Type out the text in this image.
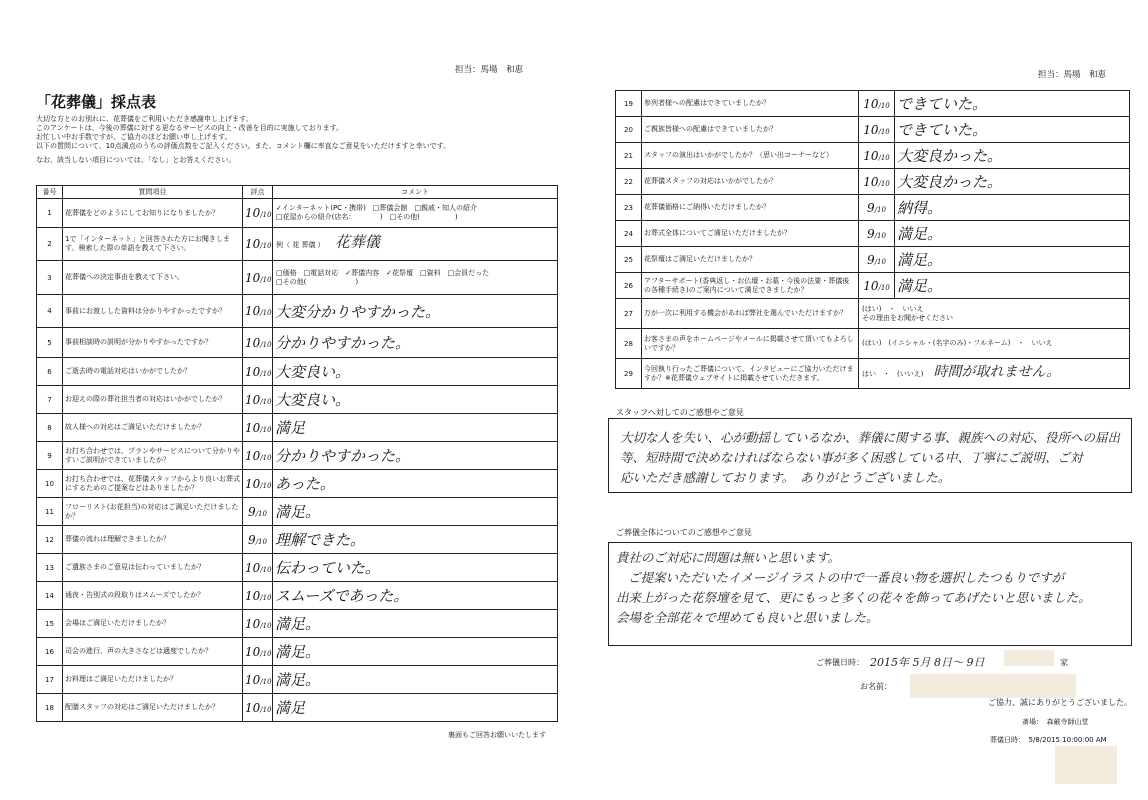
担当：馬場　和恵
「花葬儀」採点表
大切な方とのお別れに、花葬儀をご利用いただき感謝申し上げます。
このアンケートは、今後の葬儀に対する更なるサービスの向上・改善を目的に実施しております。
お忙しい中お手数ですが、ご協力のほどお願い申し上げます。
以下の質問について、10点満点のうちの評価点数をご記入ください。また、コメント欄に率直なご意見をいただけますと幸いです。
なお、該当しない項目については、「なし」とお答えください。
番号	質問項目	評点	コメント
1	花葬儀をどのようにしてお知りになりましたか？	10/10	✓インターネット(PC・携帯)　□葬儀会館　□親戚・知人の紹介
□花屋からの紹介(店名：　　　　)　□その他(　　　　　)

2	1で「インターネット」と回答された方にお聞きします。検索した際の単語を教えて下さい。	10/10	例（ 花 葬儀 ） 花葬儀
3	花葬儀への決定事由を教えて下さい。	10/10	□価格　□電話対応　✓葬儀内容　✓花祭壇　□資料　□会員だった
□その他(　　　　　　　)

4	事前にお渡しした資料は分かりやすかったですか？	10/10	大変分かりやすかった。
5	事前相談時の説明が分かりやすかったですか？	10/10	分かりやすかった。
6	ご逝去時の電話対応はいかがでしたか？	10/10	大変良い。
7	お迎えの際の葬社担当者の対応はいかがでしたか？	10/10	大変良い。
8	故人様への対応はご満足いただけましたか？	10/10	満足
9	お打ち合わせでは、プランやサービスについて分かりやすいご説明ができていましたか？	10/10	分かりやすかった。
10	お打ち合わせでは、花葬儀スタッフからより良いお葬式にするためのご提案などはありましたか？	10/10	あった。
11	フローリスト(お花担当)の対応はご満足いただけましたか？	9/10	満足。
12	葬儀の流れは理解できましたか？	9/10	理解できた。
13	ご遺族さまのご意見は伝わっていましたか？	10/10	伝わっていた。
14	通夜・告別式の段取りはスムーズでしたか？	10/10	スムーズであった。
15	会場はご満足いただけましたか？	10/10	満足。
16	司会の進行、声の大きさなどは適度でしたか？	10/10	満足。
17	お料理はご満足いただけましたか？	10/10	満足。
18	配膳スタッフの対応はご満足いただけましたか？	10/10	満足
裏面もご回答お願いいたします
担当：馬場　和恵
19	参列者様への配慮はできていましたか？	10/10	できていた。
20	ご親族皆様への配慮はできていましたか？	10/10	できていた。
21	スタッフの演出はいかがでしたか？（思い出コーナーなど）	10/10	大変良かった。
22	花葬儀スタッフの対応はいかがでしたか？	10/10	大変良かった。
23	花葬儀価格にご納得いただけましたか？	9/10	納得。
24	お葬式全体についてご満足いただけましたか？	9/10	満足。
25	花祭壇はご満足いただけましたか？	9/10	満足。
26	アフターサポート(香典返し・お仏壇・お墓・今後の法要・葬儀後の各種手続き)のご案内について満足できましたか？	10/10	満足。
27	万が一次に利用する機会があれば弊社を選んでいただけますか？	(はい)　・　いいえ
その理由をお聞かせください	

28	お客さまの声をホームページやメールに掲載させて頂いてもよろしいですか？	(はい)　(イニシャル・(名字のみ)・フルネーム)　・　いいえ	

29	今回執り行ったご葬儀について、インタビューにご協力いただけますか？※花葬儀ウェブサイトに掲載させていただきます。	はい　・　(いいえ) 時間が取れません。	
スタッフへ対してのご感想やご意見
大切な人を失い、心が動揺しているなか、葬儀に関する事、親族への対応、役所への届出
等、短時間で決めなければならない事が多く困惑している中、丁寧にご説明、ご対
応いただき感謝しております。　ありがとうございました。
ご葬儀全体についてのご感想やご意見
貴社のご対応に問題は無いと思います。
ご提案いただいたイメージイラストの中で一番良い物を選択したつもりですが
出来上がった花祭壇を見て、更にもっと多くの花々を飾ってあげたいと思いました。
会場を全部花々で埋めても良いと思いました。
ご葬儀日時： 2015年 5月 8日〜 9日	家
お名前：
ご協力、誠にありがとうございました。
斎場：　森厳寺師山堂
葬儀日時：　5/8/2015 10:00:00 AM
